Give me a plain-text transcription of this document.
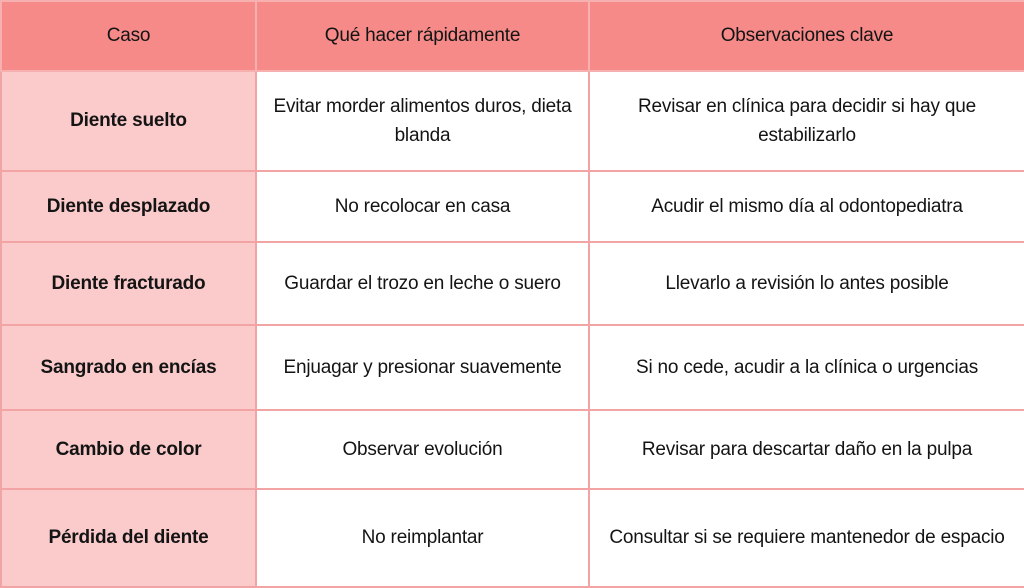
Caso	Qué hacer rápidamente	Observaciones clave
Diente suelto	Evitar morder alimentos duros, dieta blanda	Revisar en clínica para decidir si hay que estabilizarlo
Diente desplazado	No recolocar en casa	Acudir el mismo día al odontopediatra
Diente fracturado	Guardar el trozo en leche o suero	Llevarlo a revisión lo antes posible
Sangrado en encías	Enjuagar y presionar suavemente	Si no cede, acudir a la clínica o urgencias
Cambio de color	Observar evolución	Revisar para descartar daño en la pulpa
Pérdida del diente	No reimplantar	Consultar si se requiere mantenedor de espacio
